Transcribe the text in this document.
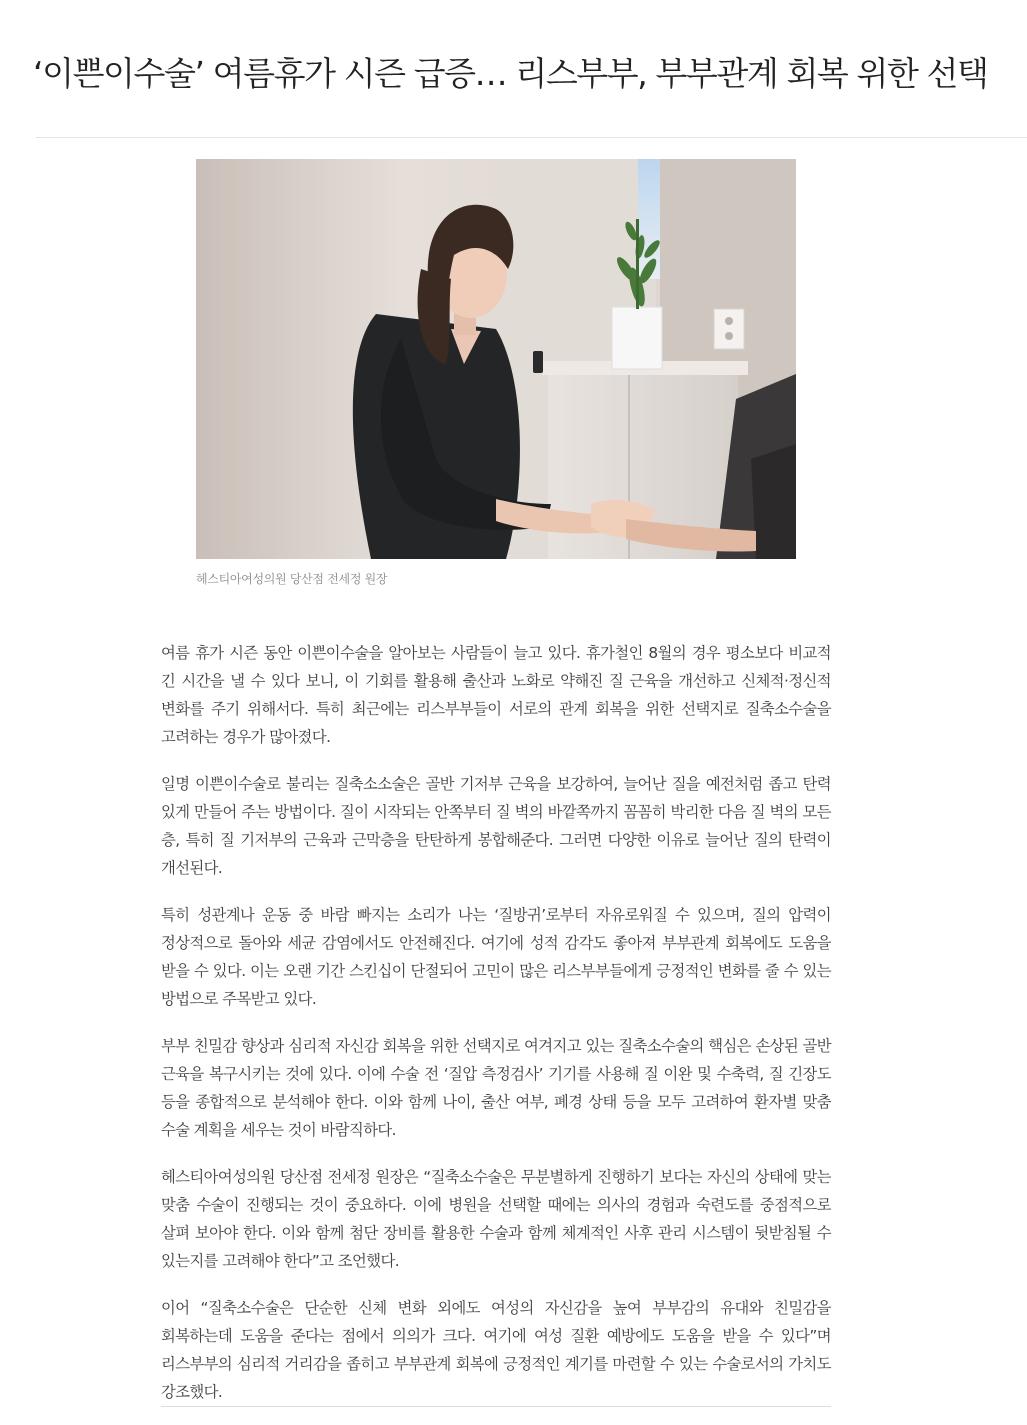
‘이쁜이수술’ 여름휴가 시즌 급증… 리스부부, 부부관계 회복 위한 선택
헤스티아여성의원 당산점 전세정 원장

여름 휴가 시즌 동안 이쁜이수술을 알아보는 사람들이 늘고 있다. 휴가철인 8월의 경우 평소보다 비교적 긴 시간을 낼 수 있다 보니, 이 기회를 활용해 출산과 노화로 약해진 질 근육을 개선하고 신체적·정신적 변화를 주기 위해서다. 특히 최근에는 리스부부들이 서로의 관계 회복을 위한 선택지로 질축소수술을 고려하는 경우가 많아졌다.

일명 이쁜이수술로 불리는 질축소소술은 골반 기저부 근육을 보강하여, 늘어난 질을 예전처럼 좁고 탄력 있게 만들어 주는 방법이다. 질이 시작되는 안쪽부터 질 벽의 바깥쪽까지 꼼꼼히 박리한 다음 질 벽의 모든 층, 특히 질 기저부의 근육과 근막층을 탄탄하게 봉합해준다. 그러면 다양한 이유로 늘어난 질의 탄력이 개선된다.

특히 성관계나 운동 중 바람 빠지는 소리가 나는 ‘질방귀’로부터 자유로워질 수 있으며, 질의 압력이 정상적으로 돌아와 세균 감염에서도 안전해진다. 여기에 성적 감각도 좋아져 부부관계 회복에도 도움을 받을 수 있다. 이는 오랜 기간 스킨십이 단절되어 고민이 많은 리스부부들에게 긍정적인 변화를 줄 수 있는 방법으로 주목받고 있다.

부부 친밀감 향상과 심리적 자신감 회복을 위한 선택지로 여겨지고 있는 질축소수술의 핵심은 손상된 골반 근육을 복구시키는 것에 있다. 이에 수술 전 ‘질압 측정검사’ 기기를 사용해 질 이완 및 수축력, 질 긴장도 등을 종합적으로 분석해야 한다. 이와 함께 나이, 출산 여부, 폐경 상태 등을 모두 고려하여 환자별 맞춤 수술 계획을 세우는 것이 바람직하다.

헤스티아여성의원 당산점 전세정 원장은 “질축소수술은 무분별하게 진행하기 보다는 자신의 상태에 맞는 맞춤 수술이 진행되는 것이 중요하다. 이에 병원을 선택할 때에는 의사의 경험과 숙련도를 중점적으로 살펴 보아야 한다. 이와 함께 첨단 장비를 활용한 수술과 함께 체계적인 사후 관리 시스템이 뒷받침될 수 있는지를 고려해야 한다”고 조언했다.

이어 “질축소수술은 단순한 신체 변화 외에도 여성의 자신감을 높여 부부감의 유대와 친밀감을 회복하는데 도움을 준다는 점에서 의의가 크다. 여기에 여성 질환 예방에도 도움을 받을 수 있다”며 리스부부의 심리적 거리감을 좁히고 부부관계 회복에 긍정적인 계기를 마련할 수 있는 수술로서의 가치도 강조했다.
